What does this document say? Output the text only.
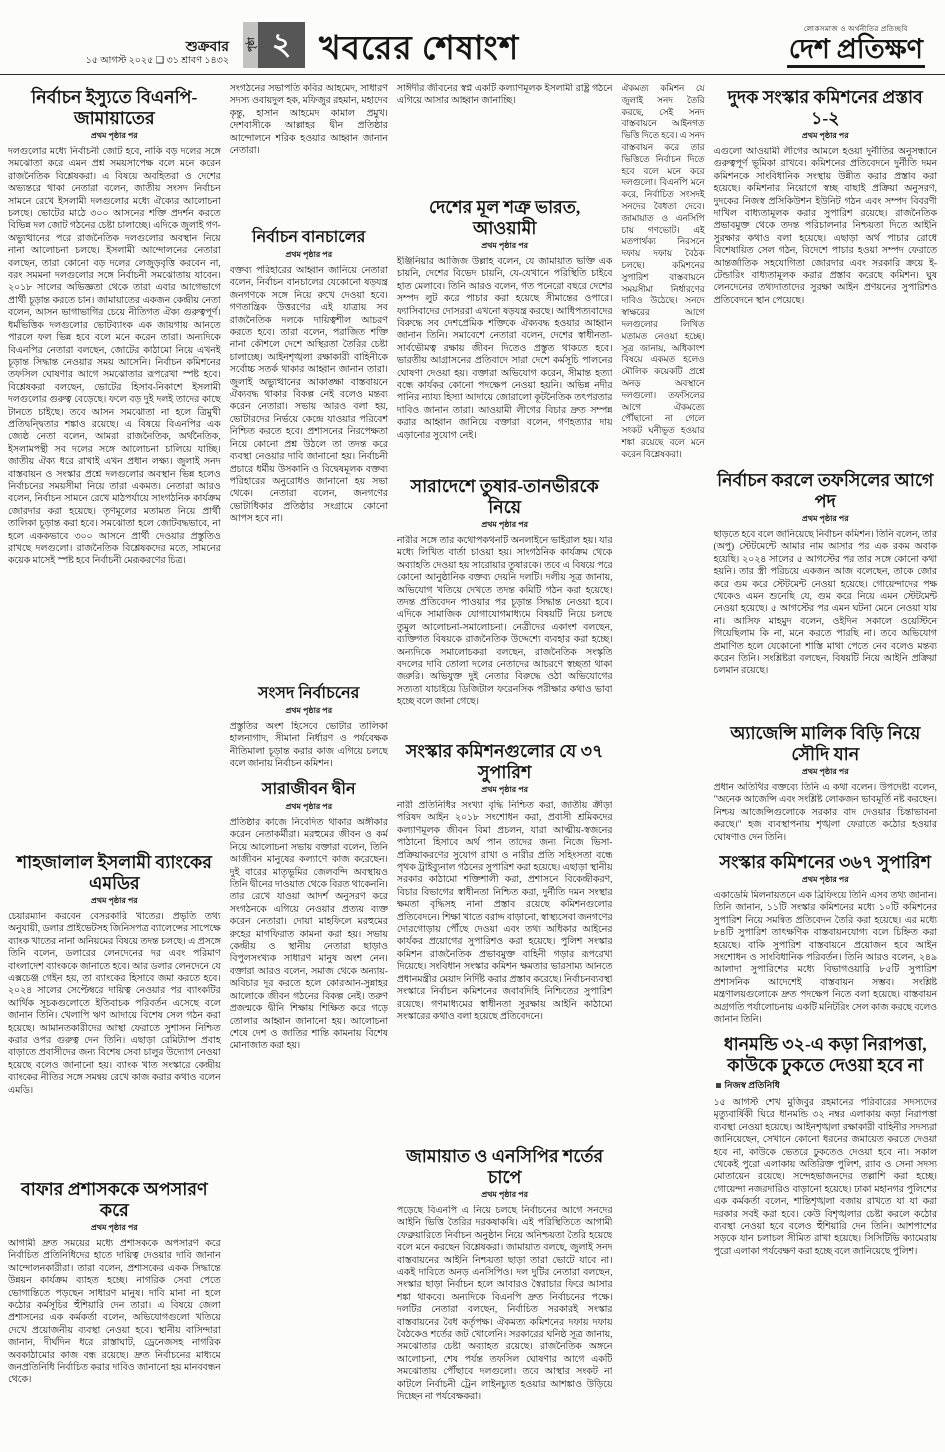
শুক্রবার
১৫ আগস্ট ২০২৫ ❑ ৩১ শ্রাবণ ১৪৩২
পৃষ্ঠা ২ খবরের শেষাংশ
লোকসমাজ ও অর্থনীতির প্রতিচ্ছবি
দেশ প্রতিক্ষণ
নির্বাচন ইস্যুতে বিএনপি-জামায়াতের
প্রথম পৃষ্ঠার পর
দলগুলোর মধ্যে নির্বাচনী জোট হবে, নাকি বড় দলের সঙ্গে সমঝোতা করে এমন প্রশ্ন সময়সাপেক্ষ বলে মনে করেন রাজনৈতিক বিশ্লেষকরা। এ বিষয়ে অবহিতরা ও দেশের অভ্যন্তরে থাকা নেতারা বলেন, জাতীয় সংসদ নির্বাচন সামনে রেখে ইসলামী দলগুলোর মধ্যে ঐক্যের আলোচনা চলছে। ভোটের মাঠে ৩০০ আসনের শক্তি প্রদর্শন করতে বিভিন্ন দল জোট গঠনের চেষ্টা চালাচ্ছে। এদিকে জুলাই গণ-অভ্যুত্থানের পরে রাজনৈতিক দলগুলোর অবস্থান নিয়ে নানা আলোচনা চলছে। ইসলামী আন্দোলনের নেতারা বলছেন, তারা কোনো বড় দলের লেজুড়বৃত্তি করবেন না, বরং সমমনা দলগুলোর সঙ্গে নির্বাচনী সমঝোতায় যাবেন। ২০১৮ সালের অভিজ্ঞতা থেকে তারা এবার আগেভাগে প্রার্থী চূড়ান্ত করতে চান। জামায়াতের একজন কেন্দ্রীয় নেতা বলেন, আসন ভাগাভাগির চেয়ে নীতিগত ঐক্য গুরুত্বপূর্ণ। ধর্মভিত্তিক দলগুলোর ভোটব্যাংক এক জায়গায় আনতে পারলে ফল ভিন্ন হবে বলে মনে করেন তারা। অন্যদিকে বিএনপির নেতারা বলছেন, জোটের কাঠামো নিয়ে এখনই চূড়ান্ত সিদ্ধান্ত নেওয়ার সময় আসেনি। নির্বাচন কমিশনের তফসিল ঘোষণার আগে সমঝোতার রূপরেখা স্পষ্ট হবে। বিশ্লেষকরা বলছেন, ভোটের হিসাব-নিকাশে ইসলামী দলগুলোর গুরুত্ব বেড়েছে। ফলে বড় দুই দলই তাদের কাছে টানতে চাইছে। তবে আসন সমঝোতা না হলে ত্রিমুখী প্রতিদ্বন্দ্বিতার শঙ্কাও রয়েছে। এ বিষয়ে বিএনপির এক জ্যেষ্ঠ নেতা বলেন, আমরা রাজনৈতিক, অর্থনৈতিক, ইসলামপন্থী সব দলের সঙ্গে আলোচনা চালিয়ে যাচ্ছি। জাতীয় ঐক্য ধরে রাখাই এখন প্রধান লক্ষ্য। জুলাই সনদ বাস্তবায়ন ও সংস্কার প্রশ্নে দলগুলোর অবস্থান ভিন্ন হলেও নির্বাচনের সময়সীমা নিয়ে তারা একমত। নেতারা আরও বলেন, নির্বাচন সামনে রেখে মাঠপর্যায়ে সাংগঠনিক কার্যক্রম জোরদার করা হয়েছে। তৃণমূলের মতামত নিয়ে প্রার্থী তালিকা চূড়ান্ত করা হবে। সমঝোতা হলে জোটবদ্ধভাবে, না হলে এককভাবে ৩০০ আসনে প্রার্থী দেওয়ার প্রস্তুতিও রাখছে দলগুলো। রাজনৈতিক বিশ্লেষকদের মতে, সামনের কয়েক মাসেই স্পষ্ট হবে নির্বাচনী মেরূকরণের চিত্র।
শাহজালাল ইসলামী ব্যাংকের এমডির
প্রথম পৃষ্ঠার পর
চেয়ারম্যান করবেন বেসরকারি খাতের। প্রভৃতি তথ্য অনুযায়ী, ডলার প্রাইভেটসহ জিনিসপত্র ব্যালেন্সের সাপেক্ষে ব্যাংক খাতের নানা অনিয়মের বিষয়ে তদন্ত চলছে। এ প্রসঙ্গে তিনি বলেন, ডলারের লেনদেনের দর এবং পরিমাণ বাংলাদেশ ব্যাংককে জানাতে হবে। আর ডলার লেনদেনে যে এক্সচেঞ্জ গেইন হয়, তা ব্যাংকের হিসাবে জমা করতে হবে। ২০২৪ সালের সেপ্টেম্বরে দায়িত্ব নেওয়ার পর ব্যাংকটির আর্থিক সূচকগুলোতে ইতিবাচক পরিবর্তন এসেছে বলে জানান তিনি। খেলাপি ঋণ আদায়ে বিশেষ সেল গঠন করা হয়েছে। আমানতকারীদের আস্থা ফেরাতে সুশাসন নিশ্চিত করার ওপর গুরুত্ব দেন তিনি। এছাড়া রেমিট্যান্স প্রবাহ বাড়াতে প্রবাসীদের জন্য বিশেষ সেবা চালুর উদ্যোগ নেওয়া হয়েছে বলেও জানানো হয়। ব্যাংক খাত সংস্কারে কেন্দ্রীয় ব্যাংকের নীতির সঙ্গে সমন্বয় রেখে কাজ করার কথাও বলেন এমডি।
বাফার প্রশাসককে অপসারণ করে
প্রথম পৃষ্ঠার পর
আগামী দ্রুত সময়ের মধ্যে প্রশাসককে অপসারণ করে নির্বাচিত প্রতিনিধিদের হাতে দায়িত্ব দেওয়ার দাবি জানান আন্দোলনকারীরা। তারা বলেন, প্রশাসকের একক সিদ্ধান্তে উন্নয়ন কার্যক্রম ব্যাহত হচ্ছে। নাগরিক সেবা পেতে ভোগান্তিতে পড়ছেন সাধারণ মানুষ। দাবি মানা না হলে কঠোর কর্মসূচির হুঁশিয়ারি দেন তারা। এ বিষয়ে জেলা প্রশাসনের এক কর্মকর্তা বলেন, অভিযোগগুলো খতিয়ে দেখে প্রয়োজনীয় ব্যবস্থা নেওয়া হবে। স্থানীয় বাসিন্দারা জানান, দীর্ঘদিন ধরে রাস্তাঘাট, ড্রেনেজসহ নাগরিক অবকাঠামোর কাজ বন্ধ রয়েছে। দ্রুত নির্বাচনের মাধ্যমে জনপ্রতিনিধি নির্বাচিত করার দাবিও জানানো হয় মানববন্ধন থেকে।
সংগঠনের সভাপতি কবির আহমেদ, সাধারণ সদস্য ওবায়দুল হক, মফিজুর রহমান, মহাদেব কৃন্তু, হাসান আহমেদ কামাল প্রমুখ। দেশবাসীকে আল্লাহর দ্বীন প্রতিষ্ঠার আন্দোলনে শরিক হওয়ার আহ্বান জানান নেতারা।
নির্বাচন বানচালের
প্রথম পৃষ্ঠার পর
বক্তব্য পরিহারের আহ্বান জানিয়ে নেতারা বলেন, নির্বাচন বানচালের যেকোনো ষড়যন্ত্র জনগণকে সঙ্গে নিয়ে রুখে দেওয়া হবে। গণতান্ত্রিক উত্তরণের এই যাত্রায় সব রাজনৈতিক দলকে দায়িত্বশীল আচরণ করতে হবে। তারা বলেন, পরাজিত শক্তি নানা কৌশলে দেশে অস্থিরতা তৈরির চেষ্টা চালাচ্ছে। আইনশৃঙ্খলা রক্ষাকারী বাহিনীকে সর্বোচ্চ সতর্ক থাকার আহ্বান জানান তারা। জুলাই অভ্যুত্থানের আকাঙ্ক্ষা বাস্তবায়নে ঐক্যবদ্ধ থাকার বিকল্প নেই বলেও মন্তব্য করেন নেতারা। সভায় আরও বলা হয়, ভোটারদের নির্ভয়ে কেন্দ্রে যাওয়ার পরিবেশ নিশ্চিত করতে হবে। প্রশাসনের নিরপেক্ষতা নিয়ে কোনো প্রশ্ন উঠলে তা তদন্ত করে ব্যবস্থা নেওয়ার দাবি জানানো হয়। নির্বাচনী প্রচারে ধর্মীয় উসকানি ও বিদ্বেষমূলক বক্তব্য পরিহারের অনুরোধও জানানো হয় সভা থেকে। নেতারা বলেন, জনগণের ভোটাধিকার প্রতিষ্ঠার সংগ্রামে কোনো আপস হবে না।
সংসদ নির্বাচনের
প্রথম পৃষ্ঠার পর
প্রস্তুতির অংশ হিসেবে ভোটার তালিকা হালনাগাদ, সীমানা নির্ধারণ ও পর্যবেক্ষক নীতিমালা চূড়ান্ত করার কাজ এগিয়ে চলছে বলে জানায় নির্বাচন কমিশন।
সারাজীবন দ্বীন
প্রথম পৃষ্ঠার পর
প্রতিষ্ঠার কাজে নিবেদিত থাকার অঙ্গীকার করেন নেতাকর্মীরা। মরহুমের জীবন ও কর্ম নিয়ে আলোচনা সভায় বক্তারা বলেন, তিনি আজীবন মানুষের কল্যাণে কাজ করেছেন। দুই বারের মাতৃভূমির জেলবন্দি অবস্থায়ও তিনি দ্বীনের দাওয়াত থেকে বিরত থাকেননি। তার রেখে যাওয়া আদর্শ অনুসরণ করে সংগঠনকে এগিয়ে নেওয়ার প্রত্যয় ব্যক্ত করেন নেতারা। দোয়া মাহফিলে মরহুমের রুহের মাগফিরাত কামনা করা হয়। সভায় কেন্দ্রীয় ও স্থানীয় নেতারা ছাড়াও বিপুলসংখ্যক সাধারণ মানুষ অংশ নেন। বক্তারা আরও বলেন, সমাজ থেকে অন্যায়-অবিচার দূর করতে হলে কোরআন-সুন্নাহর আলোকে জীবন গঠনের বিকল্প নেই। তরুণ প্রজন্মকে দ্বীনি শিক্ষায় শিক্ষিত করে গড়ে তোলার আহ্বান জানানো হয়। আলোচনা শেষে দেশ ও জাতির শান্তি কামনায় বিশেষ মোনাজাত করা হয়।
সাঈদীর জীবনের স্বপ্ন একটি কল্যাণমূলক ইসলামী রাষ্ট্র গঠনে এগিয়ে আসার আহ্বান জানাচ্ছি।
দেশের মূল শত্রু ভারত, আওয়ামী
প্রথম পৃষ্ঠার পর
ইঞ্জিনিয়ার আজিজ উল্লাহ বলেন, যে জামায়াত ভক্তি এক চায়নি, দেশের বিভেদ চায়নি, যে-যেখানে পরিস্থিতি চাইবে হাত মেলাবে। তিনি আরও বলেন, গত পনেরো বছরে দেশের সম্পদ লুট করে পাচার করা হয়েছে সীমান্তের ওপারে। ফ্যাসিবাদের দোসররা এখনো ষড়যন্ত্র করছে। আধিপত্যবাদের বিরুদ্ধে সব দেশপ্রেমিক শক্তিকে ঐক্যবদ্ধ হওয়ার আহ্বান জানান তিনি। সমাবেশে নেতারা বলেন, দেশের স্বাধীনতা-সার্বভৌমত্ব রক্ষায় জীবন দিতেও প্রস্তুত থাকতে হবে। ভারতীয় আগ্রাসনের প্রতিবাদে সারা দেশে কর্মসূচি পালনের ঘোষণা দেওয়া হয়। বক্তারা অভিযোগ করেন, সীমান্ত হত্যা বন্ধে কার্যকর কোনো পদক্ষেপ নেওয়া হয়নি। অভিন্ন নদীর পানির ন্যায্য হিস্যা আদায়ে জোরালো কূটনৈতিক তৎপরতার দাবিও জানান তারা। আওয়ামী লীগের বিচার দ্রুত সম্পন্ন করার আহ্বান জানিয়ে বক্তারা বলেন, গণহত্যার দায় এড়ানোর সুযোগ নেই।
সারাদেশে তুষার-তানভীরকে নিয়ে
প্রথম পৃষ্ঠার পর
নারীর সঙ্গে তার কথোপকথনটি অনলাইনে ভাইরাল হয়। যার মধ্যে লিখিত বার্তা চাওয়া হয়। সাংগঠনিক কার্যক্রম থেকে অব্যাহতি দেওয়া হয় সারোয়ার তুষারকে। তবে এ বিষয়ে পরে কোনো আনুষ্ঠানিক বক্তব্য দেয়নি দলটি। দলীয় সূত্র জানায়, অভিযোগ খতিয়ে দেখতে তদন্ত কমিটি গঠন করা হয়েছে। তদন্ত প্রতিবেদন পাওয়ার পর চূড়ান্ত সিদ্ধান্ত নেওয়া হবে। এদিকে সামাজিক যোগাযোগমাধ্যমে বিষয়টি নিয়ে চলছে তুমুল আলোচনা-সমালোচনা। নেত্রীদের একাংশ বলছেন, ব্যক্তিগত বিষয়কে রাজনৈতিক উদ্দেশ্যে ব্যবহার করা হচ্ছে। অন্যদিকে সমালোচকরা বলছেন, রাজনৈতিক সংস্কৃতি বদলের দাবি তোলা দলের নেতাদের আচরণে স্বচ্ছতা থাকা জরুরি। অভিযুক্ত দুই নেতার বিরুদ্ধে ওঠা অভিযোগের সত্যতা যাচাইয়ে ডিজিটাল ফরেনসিক পরীক্ষার কথাও ভাবা হচ্ছে বলে জানা গেছে।
সংস্কার কমিশনগুলোর যে ৩৭ সুপারিশ
প্রথম পৃষ্ঠার পর
নারী প্রতিনিধির সংখ্যা বৃদ্ধি নিশ্চিত করা, জাতীয় ক্রীড়া পরিষদ আইন ২০১৮ সংশোধন করা, প্রবাসী শ্রমিকদের কল্যাণমূলক জীবন বিমা প্রচলন, যারা আত্মীয়-স্বজনের পাঠানো হিসাবে অর্থ পান তাদের জন্য নিজে ভিসা-প্রক্রিয়াকরণের সুযোগ রাখা ও নারীর প্রতি সহিংসতা বন্ধে পৃথক ট্রাইব্যুনাল গঠনের সুপারিশ করা হয়েছে। এছাড়া স্থানীয় সরকার কাঠামো শক্তিশালী করা, প্রশাসনে বিকেন্দ্রীকরণ, বিচার বিভাগের স্বাধীনতা নিশ্চিত করা, দুর্নীতি দমন সংস্থার ক্ষমতা বৃদ্ধিসহ নানা প্রস্তাব রয়েছে কমিশনগুলোর প্রতিবেদনে। শিক্ষা খাতে বরাদ্দ বাড়ানো, স্বাস্থ্যসেবা জনগণের দোরগোড়ায় পৌঁছে দেওয়া এবং তথ্য অধিকার আইনের কার্যকর প্রয়োগের সুপারিশও করা হয়েছে। পুলিশ সংস্কার কমিশন রাজনৈতিক প্রভাবমুক্ত বাহিনী গড়ার রূপরেখা দিয়েছে। সংবিধান সংস্কার কমিশন ক্ষমতার ভারসাম্য আনতে প্রধানমন্ত্রীর মেয়াদ নির্দিষ্ট করার প্রস্তাব করেছে। নির্বাচনব্যবস্থা সংস্কারে নির্বাচন কমিশনের জবাবদিহি নিশ্চিতের সুপারিশ রয়েছে। গণমাধ্যমের স্বাধীনতা সুরক্ষায় আইনি কাঠামো সংস্কারের কথাও বলা হয়েছে প্রতিবেদনে।
জামায়াত ও এনসিপির শর্তের চাপে
প্রথম পৃষ্ঠার পর
পড়েছে বিএনপি এ নিয়ে চলছে নির্বাচনের আগে সনদের আইনি ভিত্তি তৈরির দরকষাকষি। এই পরিস্থিতিতে আগামী ফেব্রুয়ারিতে নির্বাচন অনুষ্ঠান নিয়ে অনিশ্চয়তা তৈরি হয়েছে বলে মনে করছেন বিশ্লেষকরা। জামায়াত বলছে, জুলাই সনদ বাস্তবায়নের আইনি নিশ্চয়তা ছাড়া তারা ভোটে যাবে না। একই দাবিতে অনড় এনসিপিও। দল দুটির নেতারা বলছেন, সংস্কার ছাড়া নির্বাচন হলে আবারও স্বৈরাচার ফিরে আসার শঙ্কা থাকবে। অন্যদিকে বিএনপি দ্রুত নির্বাচনের পক্ষে। দলটির নেতারা বলছেন, নির্বাচিত সরকারই সংস্কার বাস্তবায়নের বৈধ কর্তৃপক্ষ। ঐকমত্য কমিশনের দফায় দফায় বৈঠকেও শর্তের জট খোলেনি। সরকারের ঘনিষ্ঠ সূত্র জানায়, সমঝোতার চেষ্টা অব্যাহত রয়েছে। রাজনৈতিক অঙ্গনে আলোচনা, শেষ পর্যন্ত তফসিল ঘোষণার আগে একটি সমঝোতায় পৌঁছাবে দলগুলো। তবে আস্থার সংকট না কাটলে নির্বাচনী ট্রেন লাইনচ্যুত হওয়ার আশঙ্কাও উড়িয়ে দিচ্ছেন না পর্যবেক্ষকরা।
ঐকমত্য কমিশন যে জুলাই সনদ তৈরি করছে, সেই সনদ বাস্তবায়নে আইনগত ভিত্তি দিতে হবে। এ সনদ বাস্তবায়ন করে তার ভিত্তিতে নির্বাচন দিতে হবে বলে মনে করে দলগুলো। বিএনপি মনে করে, নির্বাচিত সংসদই সনদের বৈধতা দেবে। জামায়াত ও এনসিপি চায় গণভোট। এই মতপার্থক্য নিরসনে দফায় দফায় বৈঠক চলছে। কমিশনের সুপারিশ বাস্তবায়নে সময়সীমা নির্ধারণের দাবিও উঠেছে। সনদে স্বাক্ষরের আগে দলগুলোর লিখিত মতামত নেওয়া হচ্ছে। সূত্র জানায়, অধিকাংশ বিষয়ে একমত হলেও মৌলিক কয়েকটি প্রশ্নে অনড় অবস্থানে দলগুলো। তফসিলের আগে ঐকমত্যে পৌঁছানো না গেলে সংকট ঘনীভূত হওয়ার শঙ্কা রয়েছে বলে মনে করেন বিশ্লেষকরা।
দুদক সংস্কার কমিশনের প্রস্তাব ১-২
প্রথম পৃষ্ঠার পর
এগুলো আওয়ামী লীগের আমলে হওয়া দুর্নীতির অনুসন্ধানে গুরুত্বপূর্ণ ভূমিকা রাখবে। কমিশনের প্রতিবেদনে দুর্নীতি দমন কমিশনকে সাংবিধানিক সংস্থায় উন্নীত করার প্রস্তাব করা হয়েছে। কমিশনার নিয়োগে স্বচ্ছ বাছাই প্রক্রিয়া অনুসরণ, দুদকের নিজস্ব প্রসিকিউশন ইউনিট গঠন এবং সম্পদ বিবরণী দাখিল বাধ্যতামূলক করার সুপারিশ রয়েছে। রাজনৈতিক প্রভাবমুক্ত থেকে তদন্ত পরিচালনার নিশ্চয়তা দিতে আইনি সুরক্ষার কথাও বলা হয়েছে। এছাড়া অর্থ পাচার রোধে বিশেষায়িত সেল গঠন, বিদেশে পাচার হওয়া সম্পদ ফেরাতে আন্তর্জাতিক সহযোগিতা জোরদার এবং সরকারি ক্রয়ে ই-টেন্ডারিং বাধ্যতামূলক করার প্রস্তাব করেছে কমিশন। ঘুষ লেনদেনের তথ্যদাতাদের সুরক্ষা আইন প্রণয়নের সুপারিশও প্রতিবেদনে স্থান পেয়েছে।
নির্বাচন করলে তফসিলের আগে পদ
প্রথম পৃষ্ঠার পর
ছাড়তে হবে বলে জানিয়েছে নির্বাচন কমিশন। তিনি বলেন, তার (অপু) স্টেটমেন্টে আমার নাম আসার পর এক রকম অবাক হয়েছি। ২০২৪ সালের ৫ আগস্টের পর তার সঙ্গে কোনো কথা হয়নি। তার স্ত্রী পরিচয়ে একজন আজ বলেছেন, তাকে জোর করে গুম করে স্টেটমেন্ট নেওয়া হয়েছে। গোয়েন্দাদের পক্ষ থেকেও এমন শুনেছি যে, গুম করে নিয়ে এমন স্টেটমেন্ট নেওয়া হয়েছে। ৫ আগস্টের পর এমন ঘটনা মেনে নেওয়া যায় না। আসিফ মাহমুদ বলেন, ওইদিন সকালে ওয়েস্টিনে গিয়েছিলাম কি না, মনে করতে পারছি না। তবে অভিযোগ প্রমাণিত হলে যেকোনো শাস্তি মাথা পেতে নেব বলেও মন্তব্য করেন তিনি। সংশ্লিষ্টরা বলছেন, বিষয়টি নিয়ে আইনি প্রক্রিয়া চলমান রয়েছে।
অ্যাজেন্সি মালিক বিড়ি নিয়ে সৌদি যান
প্রথম পৃষ্ঠার পর
প্রধান অতিথির বক্তব্যে তিনি এ কথা বলেন। উপদেষ্টা বলেন, "অনেক আজেন্সি এবং সংশ্লিষ্ট লোকজন ভাবমূর্তি নষ্ট করছেন। নিশ্চয় আজেন্সিগুলোকে সরকার বাদ দেওয়ার চিন্তাভাবনা করছে।" হজ ব্যবস্থাপনায় শৃঙ্খলা ফেরাতে কঠোর হওয়ার ঘোষণাও দেন তিনি।
সংস্কার কমিশনের ৩৬৭ সুপারিশ
প্রথম পৃষ্ঠার পর
একাডেমি মিলনায়তনে এক ব্রিফিংয়ে তিনি এসব তথ্য জানান। তিনি জানান, ১১টি সংস্কার কমিশনের মধ্যে ১০টি কমিশনের সুপারিশ নিয়ে সমন্বিত প্রতিবেদন তৈরি করা হয়েছে। এর মধ্যে ৮৪টি সুপারিশ তাৎক্ষণিক বাস্তবায়নযোগ্য বলে চিহ্নিত করা হয়েছে। বাকি সুপারিশ বাস্তবায়নে প্রয়োজন হবে আইন সংশোধন ও সাংবিধানিক পরিবর্তন। তিনি আরও বলেন, ২৪৯ আলাদা সুপারিশের মধ্যে বিভাগওয়ারি ৮৫টি সুপারিশ প্রশাসনিক আদেশেই বাস্তবায়ন সম্ভব। সংশ্লিষ্ট মন্ত্রণালয়গুলোকে দ্রুত পদক্ষেপ নিতে বলা হয়েছে। বাস্তবায়ন অগ্রগতি পর্যালোচনায় একটি মনিটরিং সেল কাজ করছে বলেও জানান তিনি।
ধানমন্ডি ৩২-এ কড়া নিরাপত্তা, কাউকে ঢুকতে দেওয়া হবে না
নিজস্ব প্রতিনিধি
১৫ আগস্ট শেখ মুজিবুর রহমানের পরিবারের সদস্যদের মৃত্যুবার্ষিকী ঘিরে ধানমন্ডি ৩২ নম্বর এলাকায় কড়া নিরাপত্তা ব্যবস্থা নেওয়া হয়েছে। আইনশৃঙ্খলা রক্ষাকারী বাহিনীর সদস্যরা জানিয়েছেন, সেখানে কোনো ধরনের জমায়েত করতে দেওয়া হবে না, কাউকে ভেতরে ঢুকতেও দেওয়া হবে না। সকাল থেকেই পুরো এলাকায় অতিরিক্ত পুলিশ, র‌্যাব ও সেনা সদস্য মোতায়েন রয়েছে। সন্দেহভাজনদের তল্লাশি করা হচ্ছে। গোয়েন্দা নজরদারিও বাড়ানো হয়েছে। ঢাকা মহানগর পুলিশের এক কর্মকর্তা বলেন, শান্তিশৃঙ্খলা বজায় রাখতে যা যা করা দরকার সবই করা হবে। কেউ বিশৃঙ্খলার চেষ্টা করলে কঠোর ব্যবস্থা নেওয়া হবে বলেও হুঁশিয়ারি দেন তিনি। আশপাশের সড়কে যান চলাচল সীমিত রাখা হয়েছে। সিসিটিভি ক্যামেরায় পুরো এলাকা পর্যবেক্ষণ করা হচ্ছে বলে জানিয়েছে পুলিশ।
